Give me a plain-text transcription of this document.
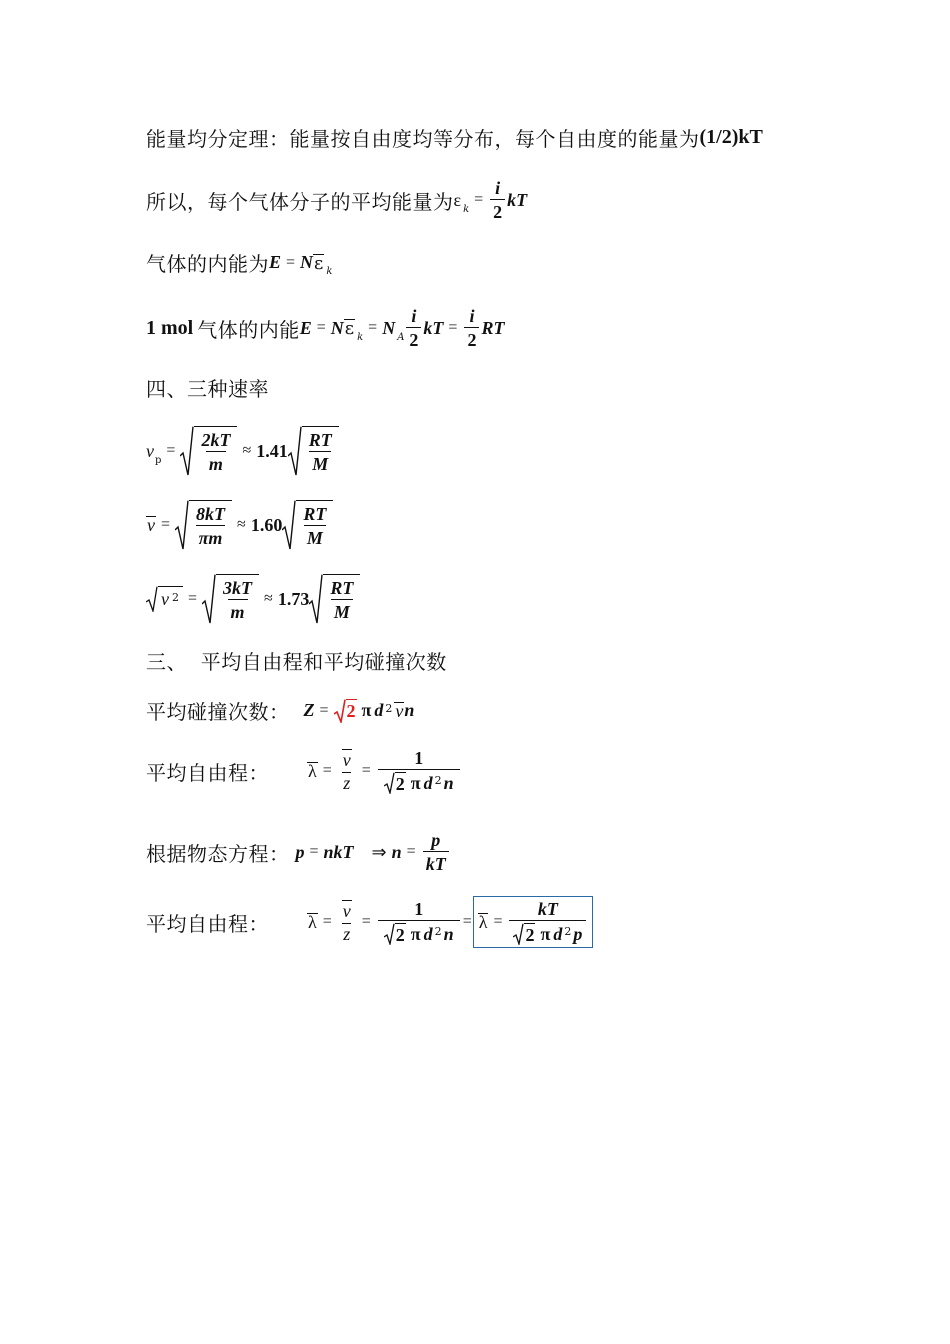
能量均分定理：能量按自由度均等分布，每个自由度的能量为 (1/2)kT
所以，每个气体分子的平均能量为 ε k
= $\frac{i}{2}$ kT
气体的内能为 E = N ε k
1 mol 气体的内能 E = N ε k
= N A $\frac{i}{2}$ kT = $\frac{i}{2}$ RT
四、三种速率
v p
= $\frac{2kT}{m} \approx 1.41 \frac{RT}{M}$
$v = \frac{8kT}{\pi m} \approx 1.60 \frac{RT}{M}$
v $2 = \frac{3kT}{m} \approx 1.73 \frac{RT}{M}$
三、  平均自由程和平均碰撞次数
平均碰撞次数： Z = 2 π d 2 v n
平均自由程： λ =
v
z
= $\frac{1}{\text{2 π d 2 n}}$
根据物态方程： p = nkT ⇒ $n = \frac{p}{kT}$
平均自由程： λ =
v
z
= $\frac{1}{\text{2 π d 2 n}} = \lambda = \frac{kT}{\text{2 π d 2 p}}$
